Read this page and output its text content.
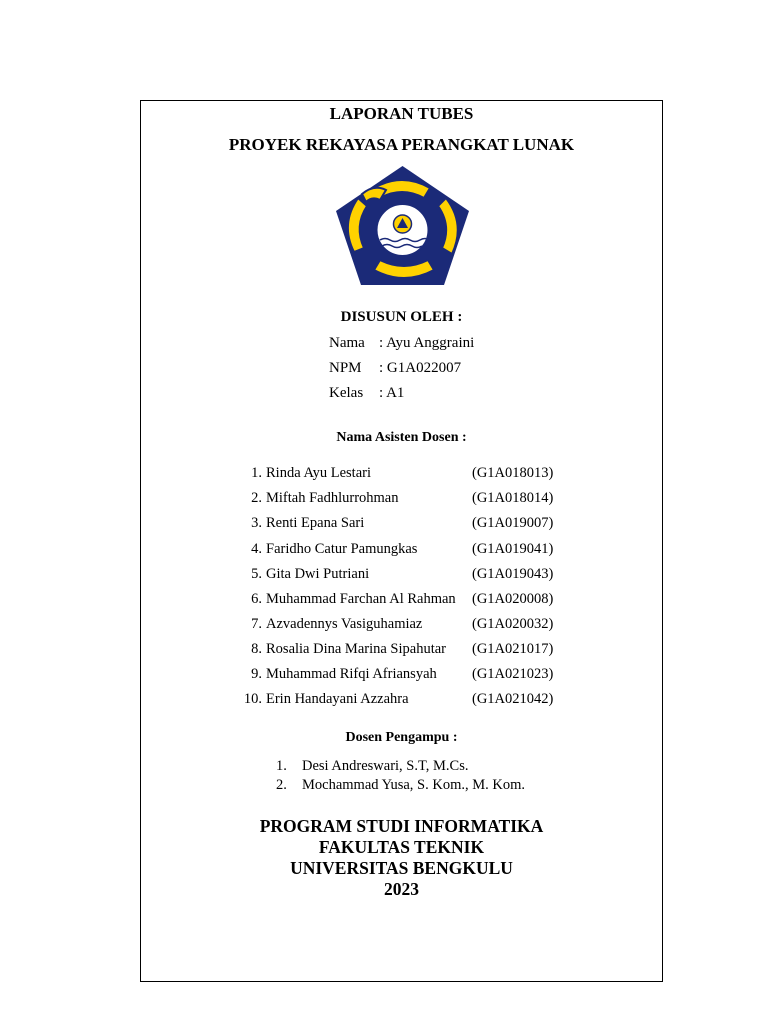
LAPORAN TUBES
PROYEK REKAYASA PERANGKAT LUNAK
DISUSUN OLEH :
Nama : Ayu Anggraini
NPM : G1A022007
Kelas : A1
Nama Asisten Dosen :
1. Rinda Ayu Lestari	(G1A018013)
2. Miftah Fadhlurrohman	(G1A018014)
3. Renti Epana Sari	(G1A019007)
4. Faridho Catur Pamungkas	(G1A019041)
5. Gita Dwi Putriani	(G1A019043)
6. Muhammad Farchan Al Rahman (G1A020008)
7. Azvadennys Vasiguhamiaz	(G1A020032)
8. Rosalia Dina Marina Sipahutar (G1A021017)
9. Muhammad Rifqi Afriansyah (G1A021023)
10. Erin Handayani Azzahra	(G1A021042)
Dosen Pengampu :
1. Desi Andreswari, S.T, M.Cs.
2. Mochammad Yusa, S. Kom., M. Kom.
PROGRAM STUDI INFORMATIKA
FAKULTAS TEKNIK
UNIVERSITAS BENGKULU
2023
